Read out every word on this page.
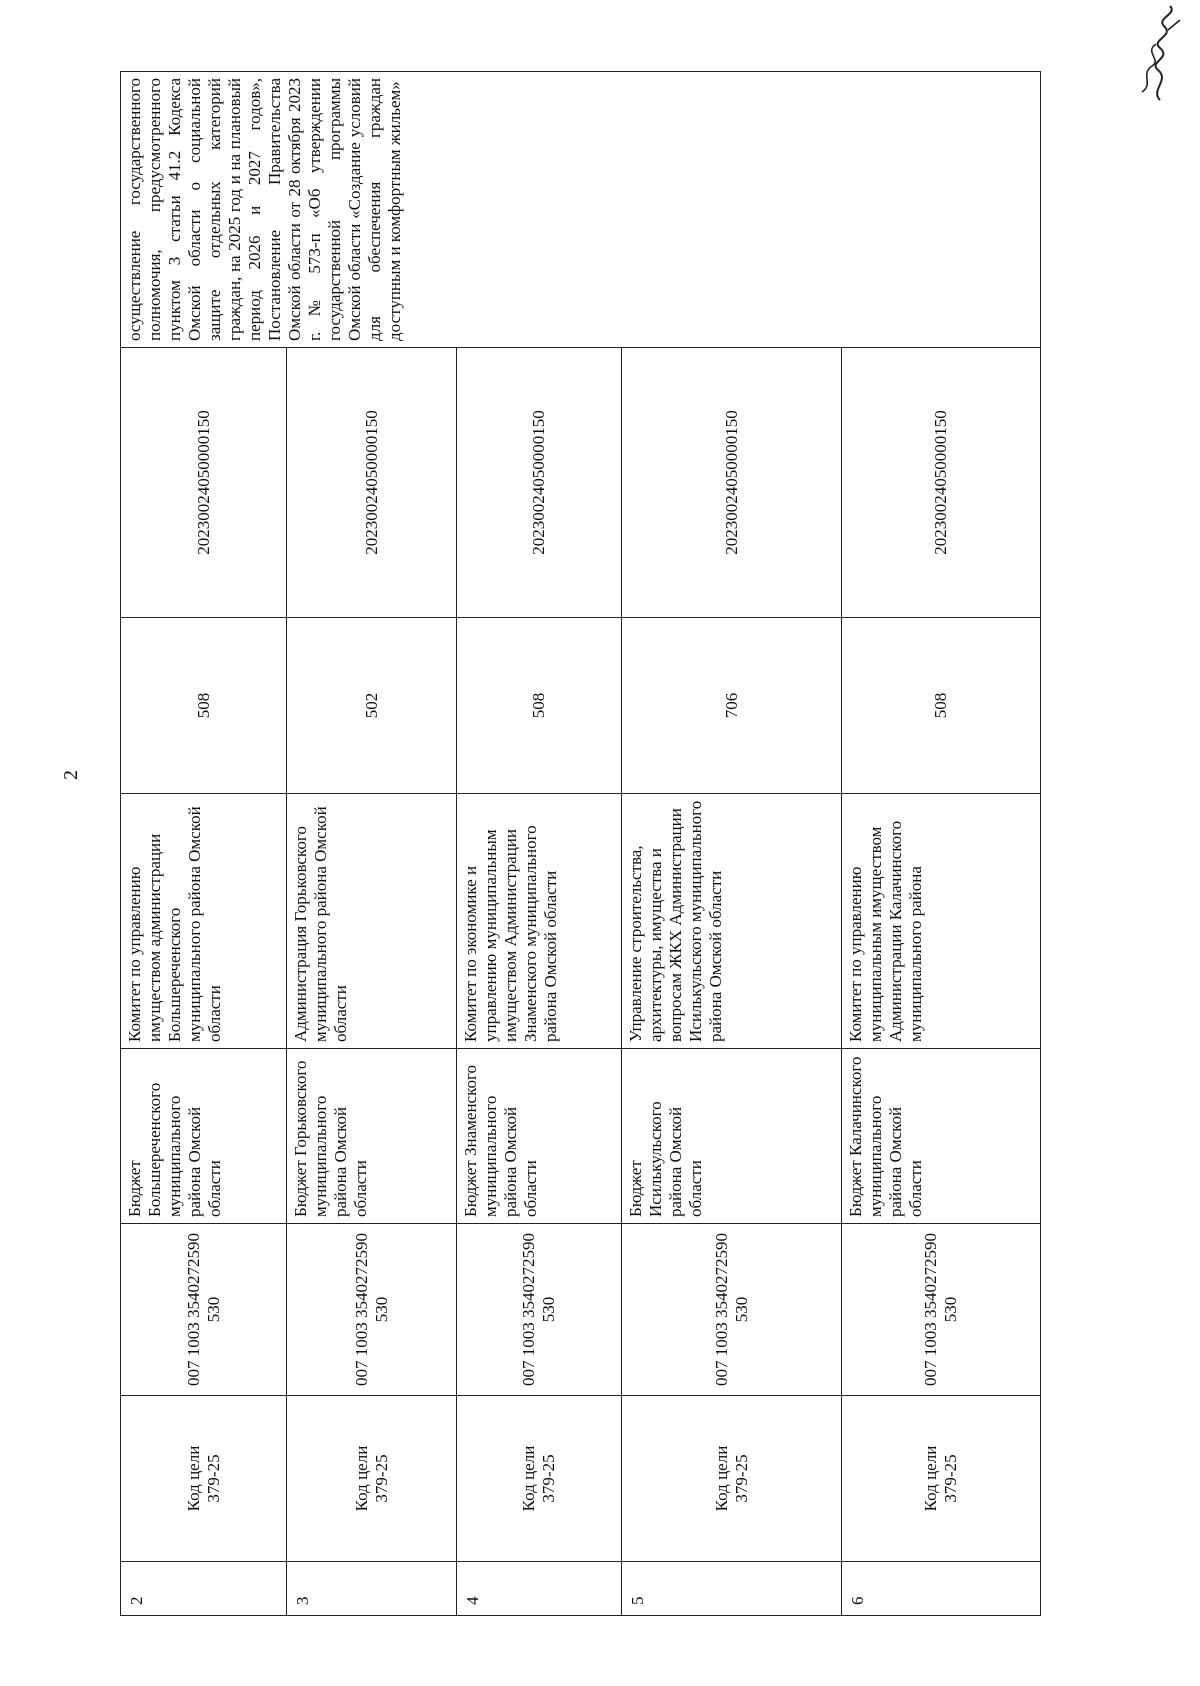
2
2	Код цели 379-25	007 1003 3540272590 530	Бюджет Большереченского муниципального района Омской области	Комитет по управлению имуществом администрации Большереченского муниципального района Омской области	508	20230024050000150	осуществление государственного полномочия, предусмотренного пунктом 3 статьи 41.2 Кодекса Омской области о социальной защите отдельных категорий граждан, на 2025 год и на плановый период 2026 и 2027 годов», Постановление Правительства Омской области от 28 октября 2023 г. № 573-п «Об утверждении государственной программы Омской области «Создание условий для обеспечения граждан доступным и комфортным жильем»
3	Код цели 379-25	007 1003 3540272590 530	Бюджет Горьковского муниципального района Омской области	Администрация Горьковского муниципального района Омской области	502	20230024050000150	
4	Код цели 379-25	007 1003 3540272590 530	Бюджет Знаменского муниципального района Омской области	Комитет по экономике и управлению муниципальным имуществом Администрации Знаменского муниципального района Омской области	508	20230024050000150	
5	Код цели 379-25	007 1003 3540272590 530	Бюджет Исилькульского района Омской области	Управление строительства, архитектуры, имущества и вопросам ЖКХ Администрации Исилькульского муниципального района Омской области	706	20230024050000150	
6	Код цели 379-25	007 1003 3540272590 530	Бюджет Калачинского муниципального района Омской области	Комитет по управлению муниципальным имуществом Администрации Калачинского муниципального района	508	20230024050000150	
